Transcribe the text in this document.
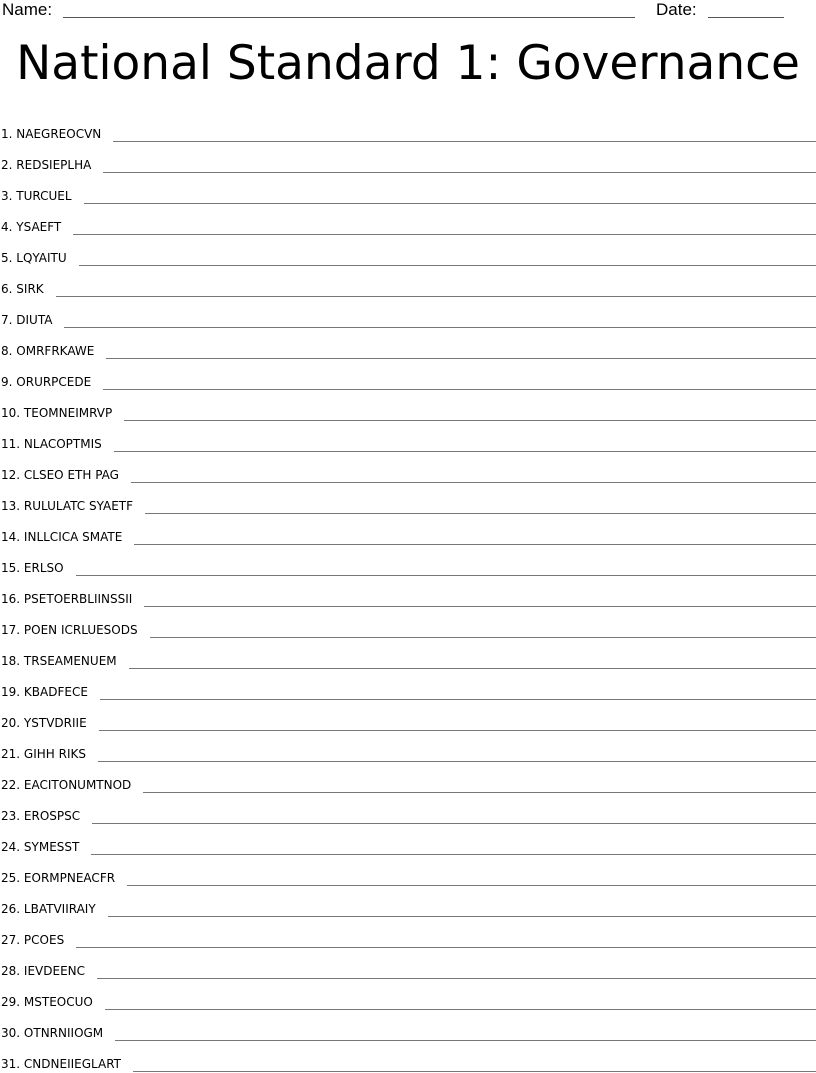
Name:	Date:
National Standard 1: Governance
1. NAEGREOCVN
2. REDSIEPLHA
3. TURCUEL
4. YSAEFT
5. LQYAITU
6. SIRK
7. DIUTA
8. OMRFRKAWE
9. ORURPCEDE
10. TEOMNEIMRVP
11. NLACOPTMIS
12. CLSEO ETH PAG
13. RULULATC SYAETF
14. INLLCICA SMATE
15. ERLSO
16. PSETOERBLIINSSII
17. POEN ICRLUESODS
18. TRSEAMENUEM
19. KBADFECE
20. YSTVDRIIE
21. GIHH RIKS
22. EACITONUMTNOD
23. EROSPSC
24. SYMESST
25. EORMPNEACFR
26. LBATVIIRAIY
27. PCOES
28. IEVDEENC
29. MSTEOCUO
30. OTNRNIIOGM
31. CNDNEIIEGLART
